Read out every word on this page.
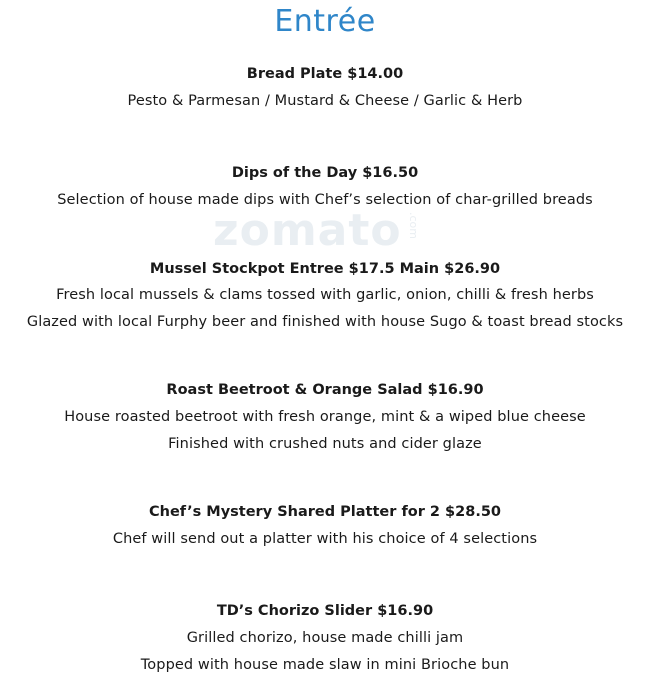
zomato .com
Entrée
Bread Plate $14.00
Pesto & Parmesan / Mustard & Cheese / Garlic & Herb
Dips of the Day $16.50
Selection of house made dips with Chef’s selection of char-grilled breads
Mussel Stockpot Entree $17.5 Main $26.90
Fresh local mussels & clams tossed with garlic, onion, chilli & fresh herbs
Glazed with local Furphy beer and finished with house Sugo & toast bread stocks
Roast Beetroot & Orange Salad $16.90
House roasted beetroot with fresh orange, mint & a wiped blue cheese
Finished with crushed nuts and cider glaze
Chef’s Mystery Shared Platter for 2 $28.50
Chef will send out a platter with his choice of 4 selections
TD’s Chorizo Slider $16.90
Grilled chorizo, house made chilli jam
Topped with house made slaw in mini Brioche bun
